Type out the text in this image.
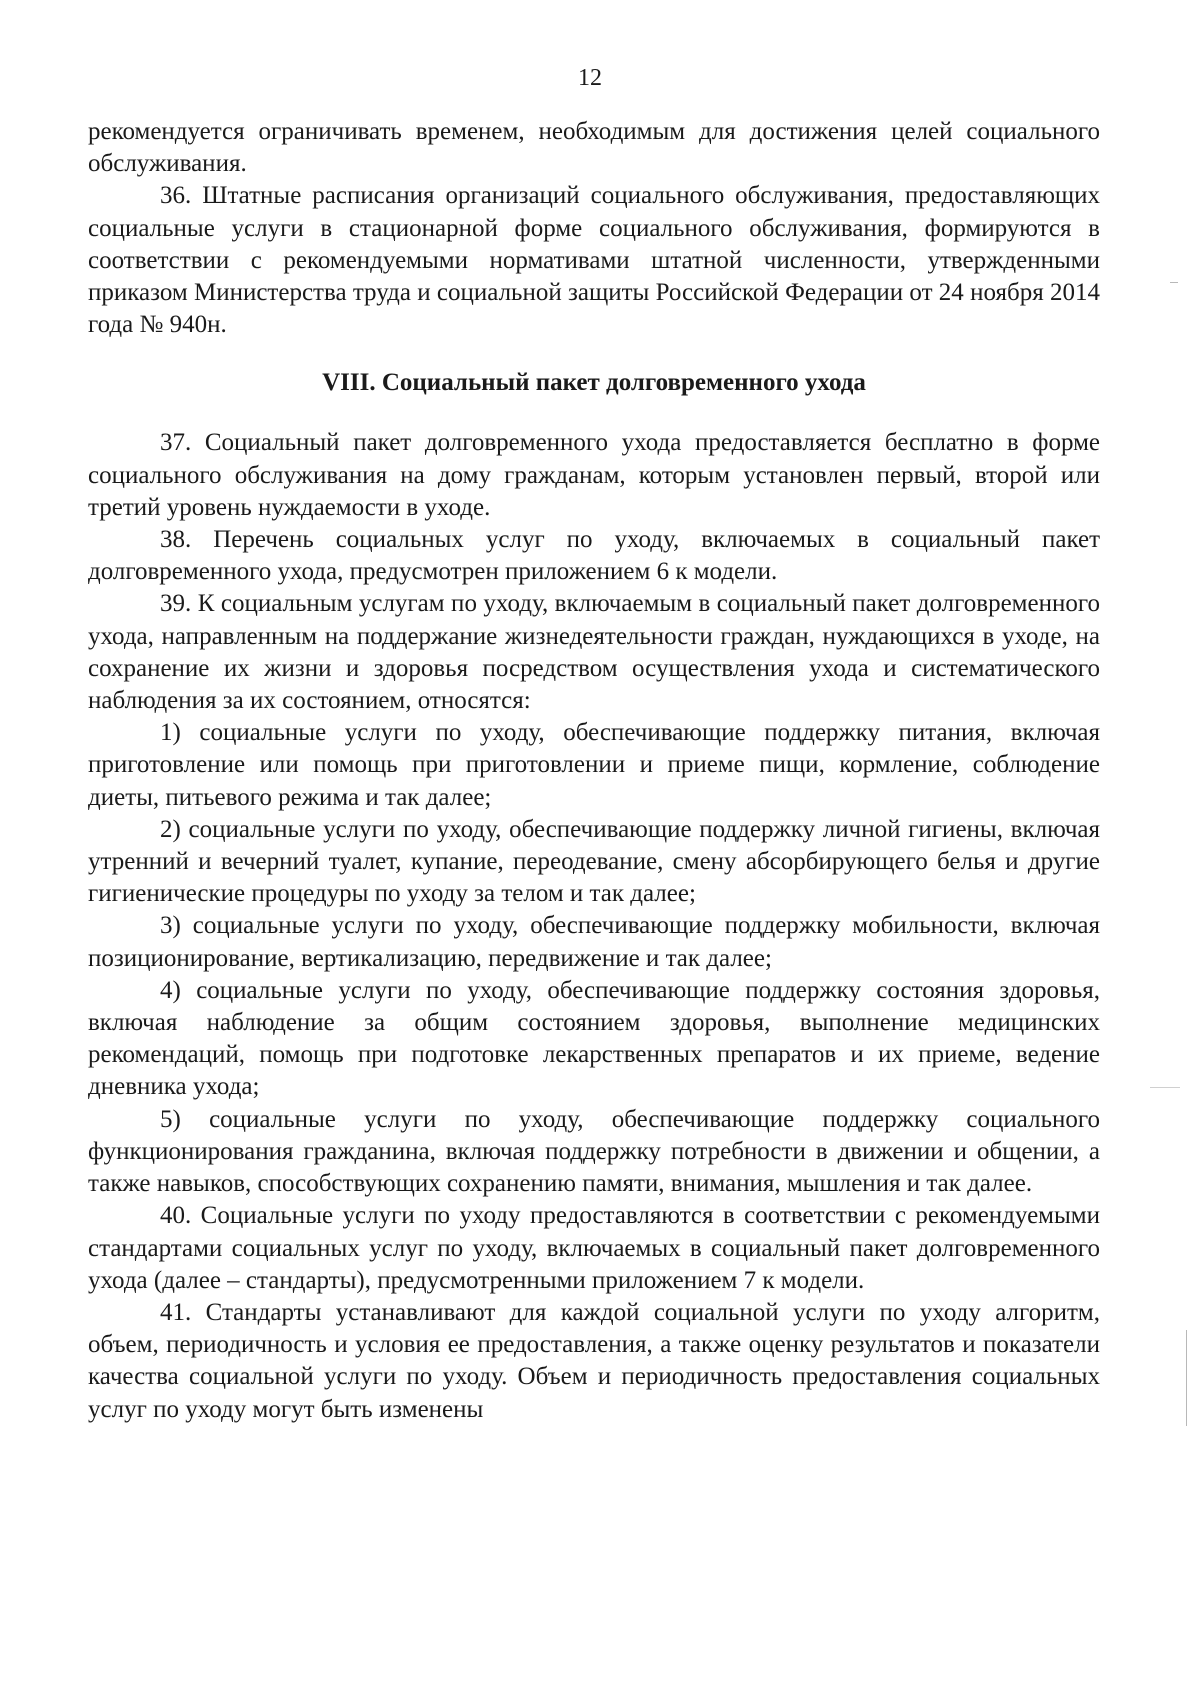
12

рекомендуется ограничивать временем, необходимым для достижения целей социального обслуживания.

36. Штатные расписания организаций социального обслуживания, предоставляющих социальные услуги в стационарной форме социального обслуживания, формируются в соответствии с рекомендуемыми нормативами штатной численности, утвержденными приказом Министерства труда и социальной защиты Российской Федерации от 24 ноября 2014 года № 940н.

VIII. Социальный пакет долговременного ухода

37. Социальный пакет долговременного ухода предоставляется бесплатно в форме социального обслуживания на дому гражданам, которым установлен первый, второй или третий уровень нуждаемости в уходе.

38. Перечень социальных услуг по уходу, включаемых в социальный пакет долговременного ухода, предусмотрен приложением 6 к модели.

39. К социальным услугам по уходу, включаемым в социальный пакет долговременного ухода, направленным на поддержание жизнедеятельности граждан, нуждающихся в уходе, на сохранение их жизни и здоровья посредством осуществления ухода и систематического наблюдения за их состоянием, относятся:

1) социальные услуги по уходу, обеспечивающие поддержку питания, включая приготовление или помощь при приготовлении и приеме пищи, кормление, соблюдение диеты, питьевого режима и так далее;

2) социальные услуги по уходу, обеспечивающие поддержку личной гигиены, включая утренний и вечерний туалет, купание, переодевание, смену абсорбирующего белья и другие гигиенические процедуры по уходу за телом и так далее;

3) социальные услуги по уходу, обеспечивающие поддержку мобильности, включая позиционирование, вертикализацию, передвижение и так далее;

4) социальные услуги по уходу, обеспечивающие поддержку состояния здоровья, включая наблюдение за общим состоянием здоровья, выполнение медицинских рекомендаций, помощь при подготовке лекарственных препаратов и их приеме, ведение дневника ухода;

5) социальные услуги по уходу, обеспечивающие поддержку социального функционирования гражданина, включая поддержку потребности в движении и общении, а также навыков, способствующих сохранению памяти, внимания, мышления и так далее.

40. Социальные услуги по уходу предоставляются в соответствии с рекомендуемыми стандартами социальных услуг по уходу, включаемых в социальный пакет долговременного ухода (далее – стандарты), предусмотренными приложением 7 к модели.

41. Стандарты устанавливают для каждой социальной услуги по уходу алгоритм, объем, периодичность и условия ее предоставления, а также оценку результатов и показатели качества социальной услуги по уходу. Объем и периодичность предоставления социальных услуг по уходу могут быть изменены
